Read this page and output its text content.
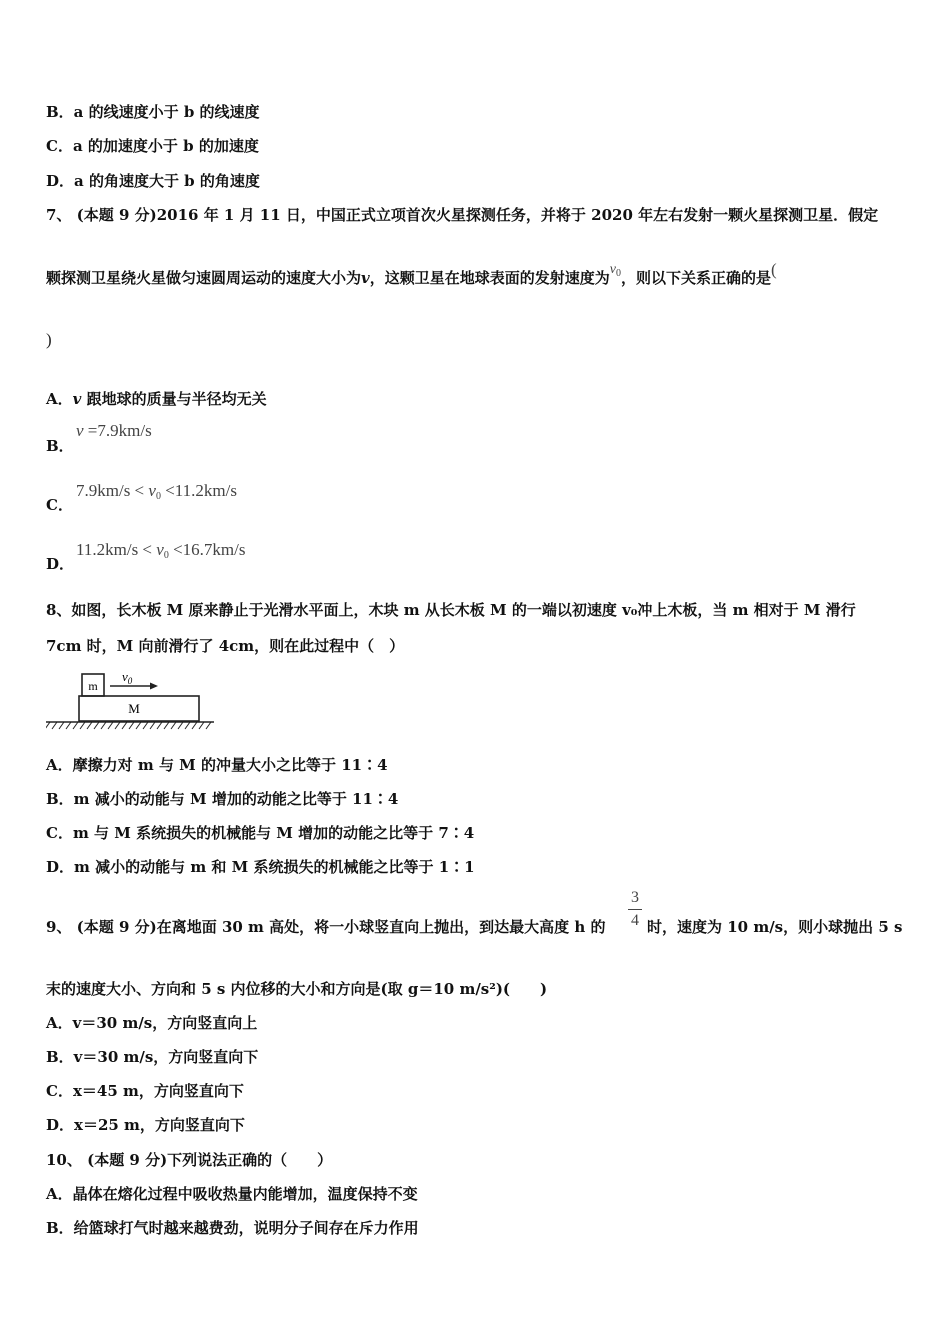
B．a 的线速度小于 b 的线速度
C．a 的加速度小于 b 的加速度
D．a 的角速度大于 b 的角速度
7、 (本题 9 分)2016 年 1 月 11 日，中国正式立项首次火星探测任务，并将于 2020 年左右发射一颗火星探测卫星．假定
颗探测卫星绕火星做匀速圆周运动的速度大小为v，这颗卫星在地球表面的发射速度为$v_0$，则以下关系正确的是(
)
A．v 跟地球的质量与半径均无关
B．
v =7.9km/s
C．
$7.9km/s < v_0 <11.2km/s$
D．
$11.2km/s < v_0 <16.7km/s$
8、如图，长木板 M 原来静止于光滑水平面上，木块 m 从长木板 M 的一端以初速度 v₀冲上木板，当 m 相对于 M 滑行
7cm 时，M 向前滑行了 4cm，则在此过程中（　）
m
M
$v_0$
A．摩擦力对 m 与 M 的冲量大小之比等于 11∶4
B．m 减小的动能与 M 增加的动能之比等于 11∶4
C．m 与 M 系统损失的机械能与 M 增加的动能之比等于 7∶4
D．m 减小的动能与 m 和 M 系统损失的机械能之比等于 1∶1
9、 (本题 9 分)在离地面 30 m 高处，将一小球竖直向上抛出，到达最大高度 h 的
3
4 时，速度为 10 m/s，则小球抛出 5 s
末的速度大小、方向和 5 s 内位移的大小和方向是(取 g＝10 m/s²)(　　)
A．v＝30 m/s，方向竖直向上
B．v＝30 m/s，方向竖直向下
C．x＝45 m，方向竖直向下
D．x＝25 m，方向竖直向下
10、 (本题 9 分)下列说法正确的（　　）
A．晶体在熔化过程中吸收热量内能增加，温度保持不变
B．给篮球打气时越来越费劲，说明分子间存在斥力作用
